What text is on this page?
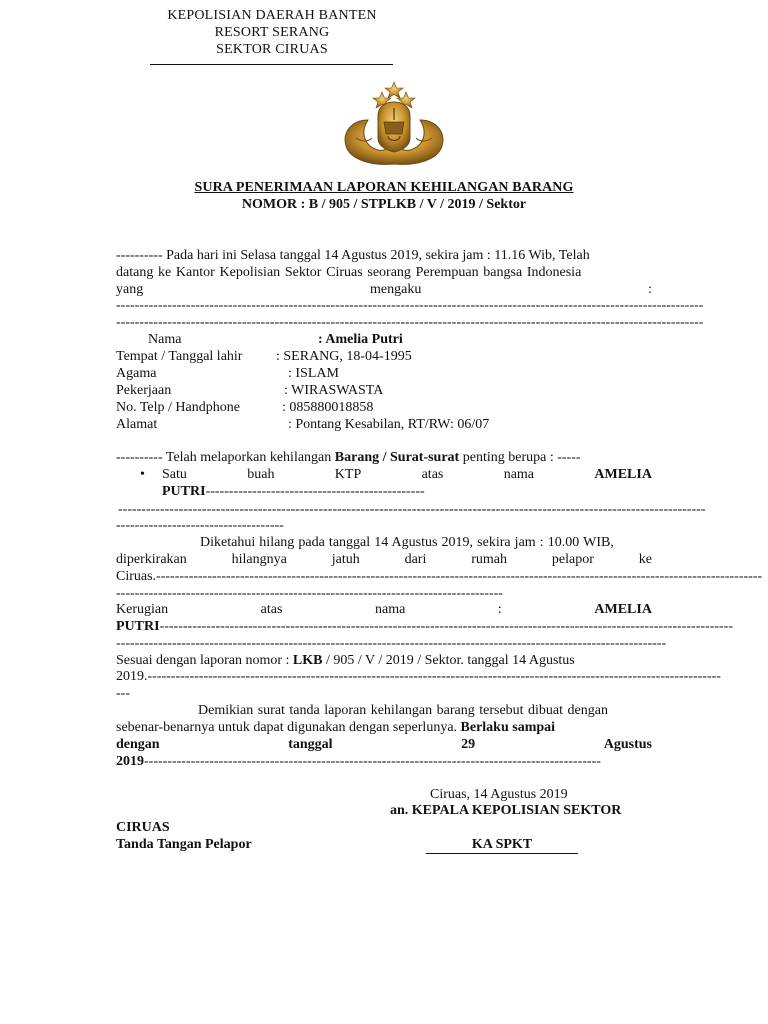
KEPOLISIAN DAERAH BANTEN
RESORT SERANG
SEKTOR CIRUAS
SURA PENERIMAAN LAPORAN KEHILANGAN BARANG
NOMOR : B / 905 / STPLKB / V / 2019 / Sektor
---------- Pada hari ini Selasa tanggal 14 Agustus 2019, sekira jam : 11.16 Wib, Telah
datang ke Kantor Kepolisian Sektor Ciruas seorang Perempuan bangsa Indonesia
yang	mengaku	:
------------------------------------------------------------------------------------------------------------------------------
------------------------------------------------------------------------------------------------------------------------------
Nama	: Amelia Putri
Tempat / Tanggal lahir : SERANG, 18-04-1995
Agama	: ISLAM
Pekerjaan	: WIRASWASTA
No. Telp / Handphone	: 085880018858
Alamat	: Pontang Kesabilan, RT/RW: 06/07
---------- Telah melaporkan kehilangan Barang / Surat-surat penting berupa : -----
• Satu	buah	KTP	atas	nama	AMELIA
PUTRI-----------------------------------------------
------------------------------------------------------------------------------------------------------------------------------
------------------------------------
Diketahui hilang pada tanggal 14 Agustus 2019, sekira jam : 10.00 WIB,
diperkirakan	hilangnya	jatuh	dari	rumah	pelapor	ke
Ciruas.----------------------------------------------------------------------------------------------------------------------------------
-----------------------------------------------------------------------------------
Kerugian	atas	nama	:	AMELIA
PUTRI---------------------------------------------------------------------------------------------------------------------------
----------------------------------------------------------------------------------------------------------------------
Sesuai dengan laporan nomor : LKB / 905 / V / 2019 / Sektor. tanggal 14 Agustus
2019.---------------------------------------------------------------------------------------------------------------------------
---
Demikian surat tanda laporan kehilangan barang tersebut dibuat dengan
sebenar-benarnya untuk dapat digunakan dengan seperlunya. Berlaku sampai
dengan	tanggal	29	Agustus
2019--------------------------------------------------------------------------------------------------
Ciruas, 14 Agustus 2019
an. KEPALA KEPOLISIAN SEKTOR
CIRUAS
Tanda Tangan Pelapor	KA SPKT
